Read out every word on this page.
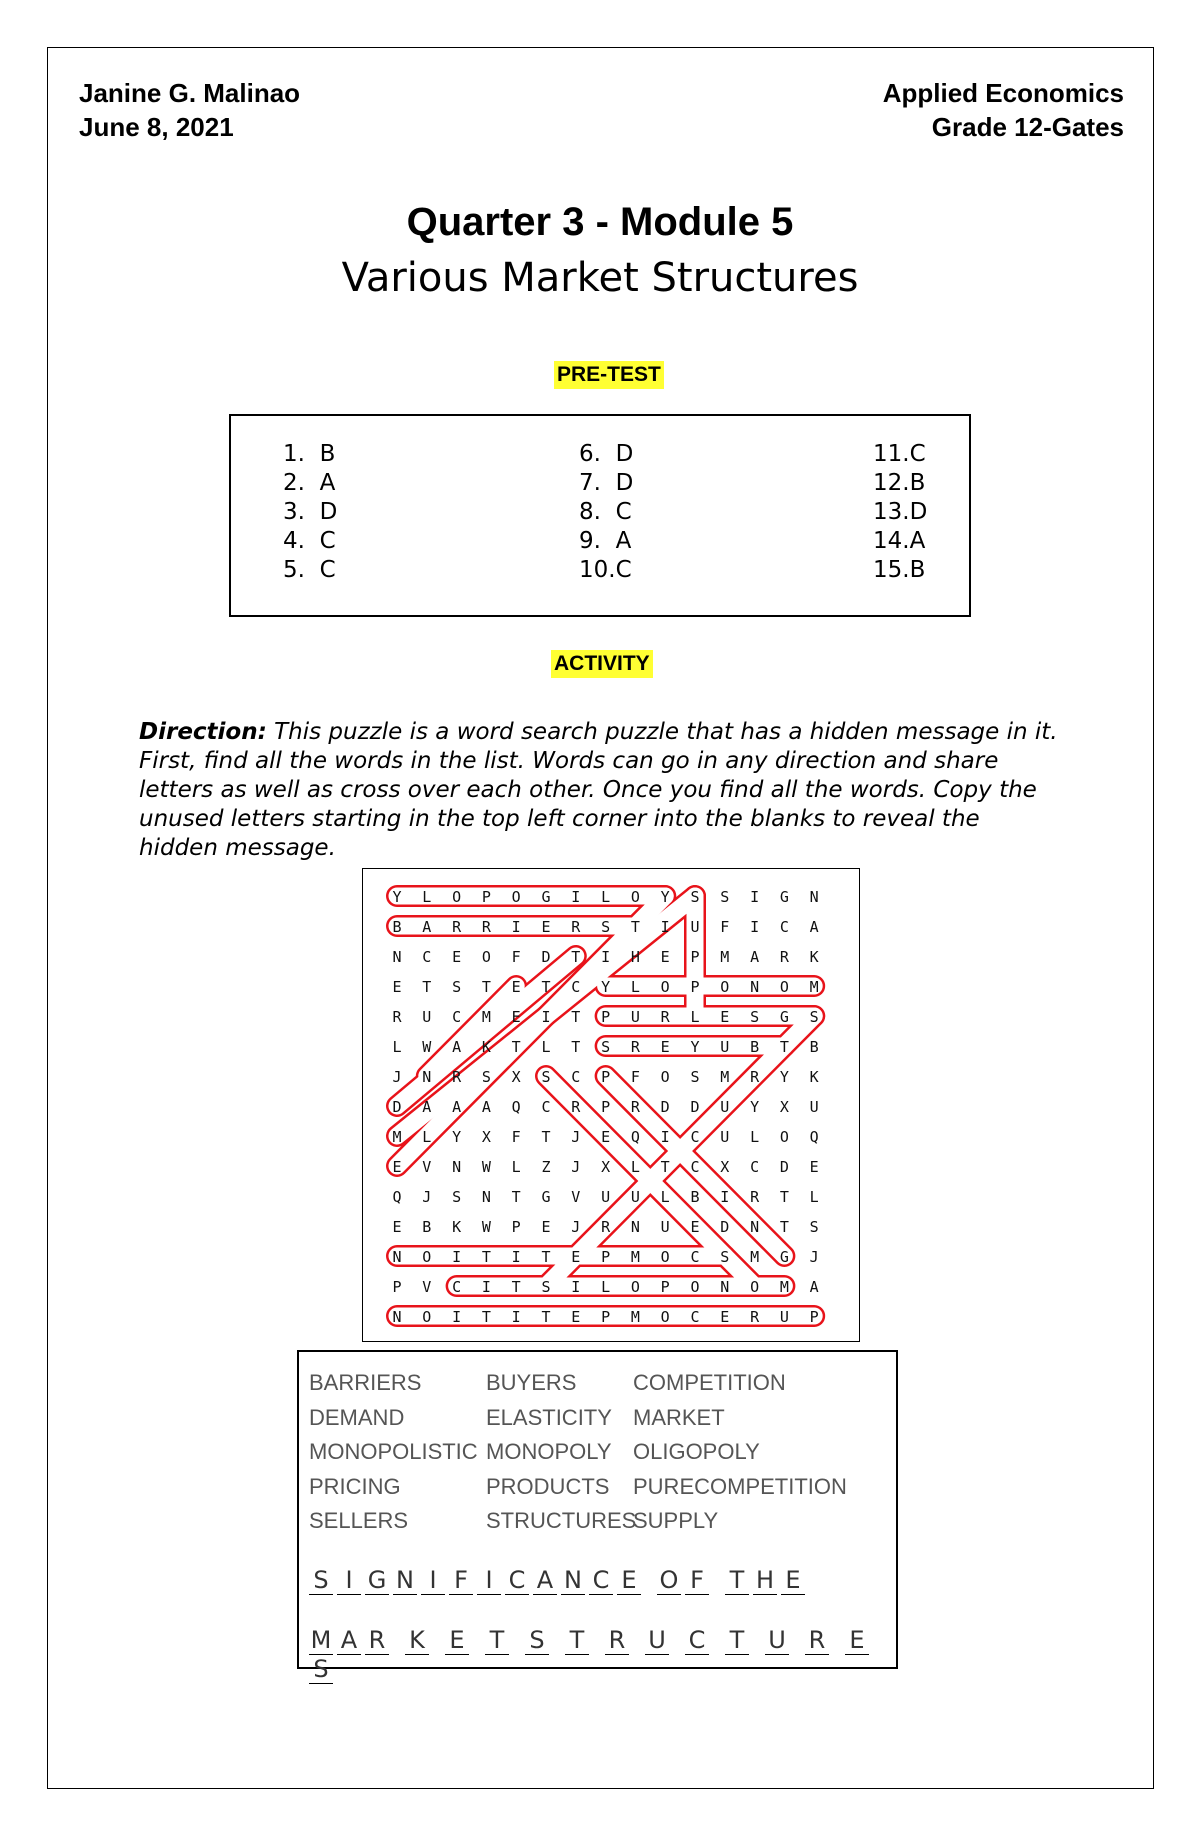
Janine G. Malinao
June 8, 2021
Applied Economics
Grade 12-Gates
Quarter 3 - Module 5
Various Market Structures
PRE-TEST
1.  B
2.  A
3.  D
4.  C
5.  C
6.  D
7.  D
8.  C
9.  A
10.C
11.C
12.B
13.D
14.A
15.B
ACTIVITY
Direction: This puzzle is a word search puzzle that has a hidden message in it. First, find all the words in the list. Words can go in any direction and share letters as well as cross over each other. Once you find all the words. Copy the unused letters starting in the top left corner into the blanks to reveal the hidden message.
Y L O P O G I L O Y S S I G N
B A R R I E R S T I U F I C A
N C E O F D T I H E P M A R K
E T S T E T C Y L O P O N O M
R U C M E I T P U R L E S G S
L W A K T L T S R E Y U B T B
J N R S X S C P F O S M R Y K
D A A A Q C R P R D D U Y X U
M L Y X F T J E Q I C U L O Q
E V N W L Z J X L T C X C D E
Q J S N T G V U U L B I R T L
E B K W P E J R N U E D N T S
N O I T I T E P M O C S M G J
P V C I T S I L O P O N O M A
N O I T I T E P M O C E R U P
BARRIERS
DEMAND
MONOPOLISTIC
PRICING
SELLERS
BUYERS
ELASTICITY
MONOPOLY
PRODUCTS
STRUCTURES
COMPETITION
MARKET
OLIGOPOLY
PURECOMPETITION
SUPPLY
S I G N I F I C A N C E O F T H E
M A R K E T S T R U C T U R ES
